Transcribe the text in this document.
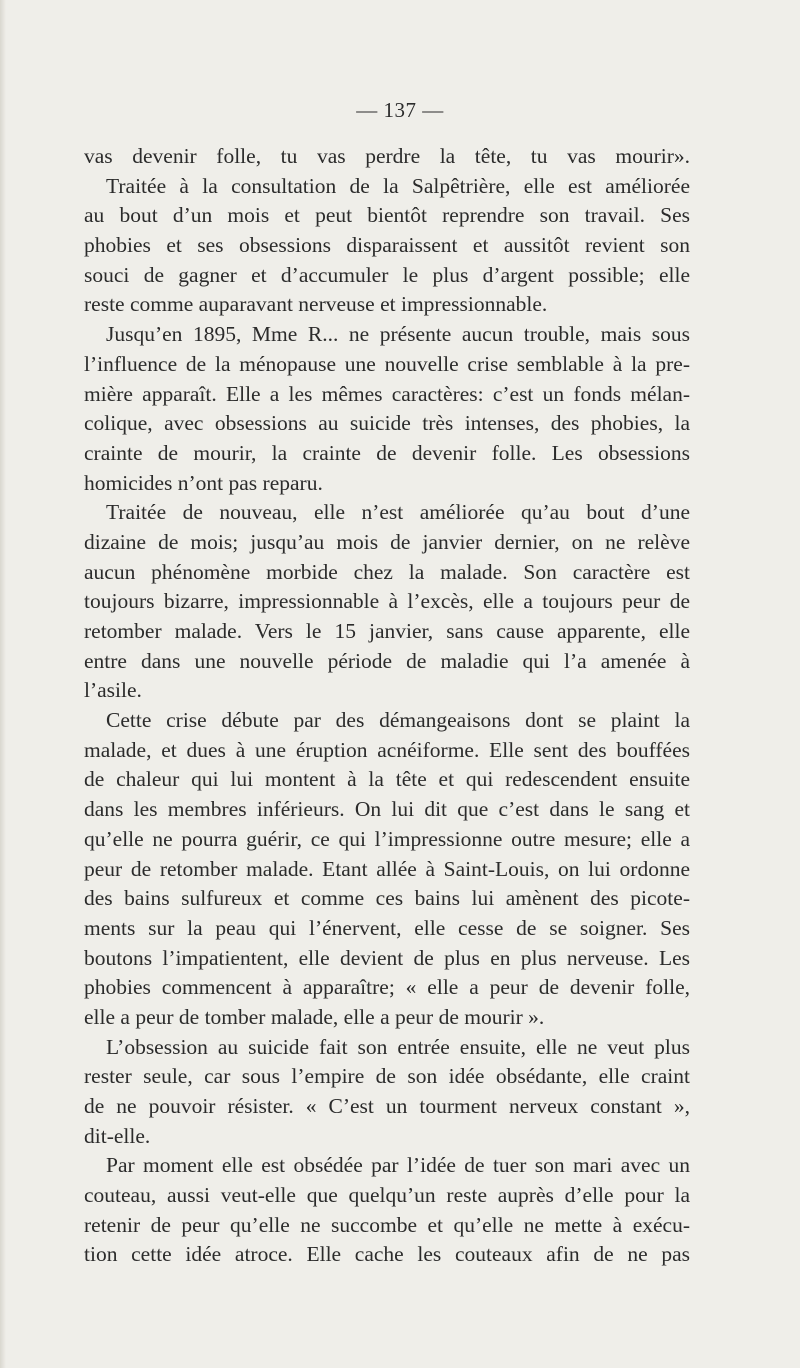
— 137 —
vas devenir folle, tu vas perdre la tête, tu vas mourir».
Traitée à la consultation de la Salpêtrière, elle est améliorée
au bout d’un mois et peut bientôt reprendre son travail. Ses
phobies et ses obsessions disparaissent et aussitôt revient son
souci de gagner et d’accumuler le plus d’argent possible; elle
reste comme auparavant nerveuse et impressionnable.
Jusqu’en 1895, Mme R... ne présente aucun trouble, mais sous
l’influence de la ménopause une nouvelle crise semblable à la pre-
mière apparaît. Elle a les mêmes caractères: c’est un fonds mélan-
colique, avec obsessions au suicide très intenses, des phobies, la
crainte de mourir, la crainte de devenir folle. Les obsessions
homicides n’ont pas reparu.
Traitée de nouveau, elle n’est améliorée qu’au bout d’une
dizaine de mois; jusqu’au mois de janvier dernier, on ne relève
aucun phénomène morbide chez la malade. Son caractère est
toujours bizarre, impressionnable à l’excès, elle a toujours peur de
retomber malade. Vers le 15 janvier, sans cause apparente, elle
entre dans une nouvelle période de maladie qui l’a amenée à
l’asile.
Cette crise débute par des démangeaisons dont se plaint la
malade, et dues à une éruption acnéiforme. Elle sent des bouffées
de chaleur qui lui montent à la tête et qui redescendent ensuite
dans les membres inférieurs. On lui dit que c’est dans le sang et
qu’elle ne pourra guérir, ce qui l’impressionne outre mesure; elle a
peur de retomber malade. Etant allée à Saint-Louis, on lui ordonne
des bains sulfureux et comme ces bains lui amènent des picote-
ments sur la peau qui l’énervent, elle cesse de se soigner. Ses
boutons l’impatientent, elle devient de plus en plus nerveuse. Les
phobies commencent à apparaître; « elle a peur de devenir folle,
elle a peur de tomber malade, elle a peur de mourir ».
L’obsession au suicide fait son entrée ensuite, elle ne veut plus
rester seule, car sous l’empire de son idée obsédante, elle craint
de ne pouvoir résister. « C’est un tourment nerveux constant »,
dit-elle.
Par moment elle est obsédée par l’idée de tuer son mari avec un
couteau, aussi veut-elle que quelqu’un reste auprès d’elle pour la
retenir de peur qu’elle ne succombe et qu’elle ne mette à exécu-
tion cette idée atroce. Elle cache les couteaux afin de ne pas
